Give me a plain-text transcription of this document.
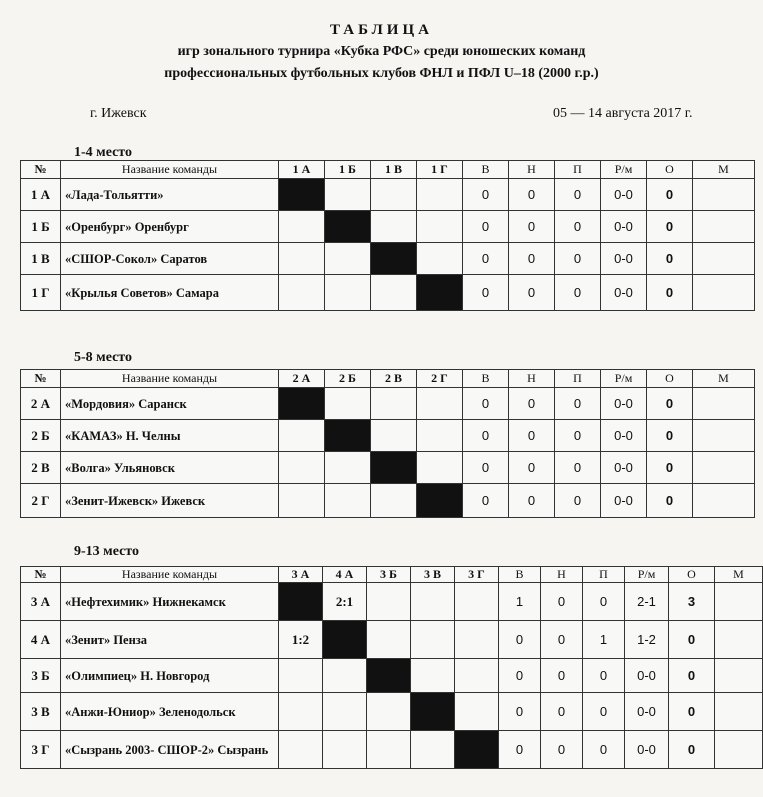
ТАБЛИЦА
игр зонального турнира «Кубка РФС» среди юношеских команд
профессиональных футбольных клубов ФНЛ и ПФЛ U–18 (2000 г.р.)
г. Ижевск	05 — 14 августа 2017 г.
1-4 место
№	Название команды	1 А	1 Б	1 В	1 Г	В	Н	П	Р/м	О	М
1 А	«Лада-Тольятти»					0	0	0	0-0	0	
1 Б	«Оренбург» Оренбург					0	0	0	0-0	0	
1 В	«СШОР-Сокол» Саратов					0	0	0	0-0	0	
1 Г	«Крылья Советов» Самара					0	0	0	0-0	0	
5-8 место
№	Название команды	2 А	2 Б	2 В	2 Г	В	Н	П	Р/м	О	М
2 А	«Мордовия» Саранск					0	0	0	0-0	0	
2 Б	«КАМАЗ» Н. Челны					0	0	0	0-0	0	
2 В	«Волга» Ульяновск					0	0	0	0-0	0	
2 Г	«Зенит-Ижевск» Ижевск					0	0	0	0-0	0	
9-13 место
№	Название команды	3 А	4 А	3 Б	3 В	3 Г	В	Н	П	Р/м	О	М
3 А	«Нефтехимик» Нижнекамск		2:1				1	0	0	2-1	3	
4 А	«Зенит» Пенза	1:2					0	0	1	1-2	0	
3 Б	«Олимпиец» Н. Новгород						0	0	0	0-0	0	
3 В	«Анжи-Юниор» Зеленодольск						0	0	0	0-0	0	
3 Г	«Сызрань 2003- СШОР-2» Сызрань						0	0	0	0-0	0	
